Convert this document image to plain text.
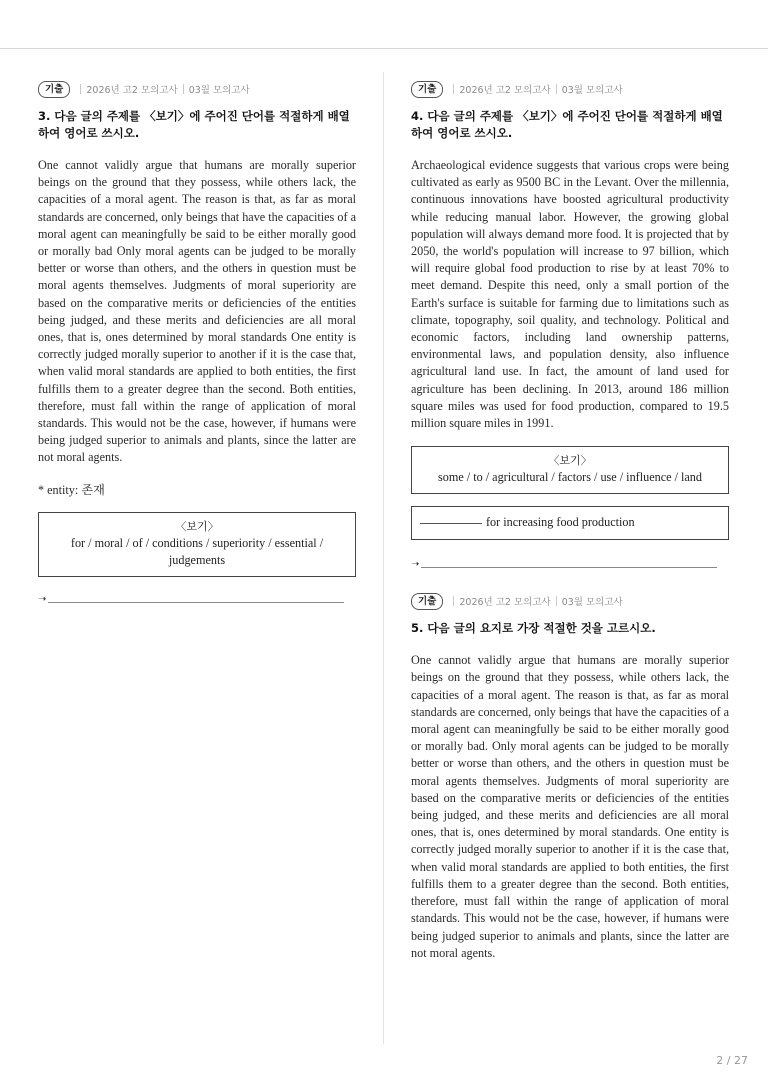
기출	2026년 고2 모의고사 03월 모의고사
3. 다음 글의 주제를 〈보기〉에 주어진 단어를 적절하게 배열하여 영어로 쓰시오.

One cannot validly argue that humans are morally superior beings on the ground that they possess, while others lack, the capacities of a moral agent. The reason is that, as far as moral standards are concerned, only beings that have the capacities of a moral agent can meaningfully be said to be either morally good or morally bad Only moral agents can be judged to be morally better or worse than others, and the others in question must be moral agents themselves. Judgments of moral superiority are based on the comparative merits or deficiencies of the entities being judged, and these merits and deficiencies are all moral ones, that is, ones determined by moral standards One entity is correctly judged morally superior to another if it is the case that, when valid moral standards are applied to both entities, the first fulfills them to a greater degree than the second. Both entities, therefore, must fall within the range of application of moral standards. This would not be the case, however, if humans were being judged superior to animals and plants, since the latter are not moral agents.

* entity: 존재
〈보기〉
for / moral / of / conditions / superiority / essential /
judgements
➝
기출	2026년 고2 모의고사 03월 모의고사
4. 다음 글의 주제를 〈보기〉에 주어진 단어를 적절하게 배열하여 영어로 쓰시오.

Archaeological evidence suggests that various crops were being cultivated as early as 9500 BC in the Levant. Over the millennia, continuous innovations have boosted agricultural productivity while reducing manual labor. However, the growing global population will always demand more food. It is projected that by 2050, the world's population will increase to 97 billion, which will require global food production to rise by at least 70% to meet demand. Despite this need, only a small portion of the Earth's surface is suitable for farming due to limitations such as climate, topography, soil quality, and technology. Political and economic factors, including land ownership patterns, environmental laws, and population density, also influence agricultural land use. In fact, the amount of land used for agriculture has been declining. In 2013, around 186 million square miles was used for food production, compared to 19.5 million square miles in 1991.

〈보기〉
some / to / agricultural / factors / use / influence / land
for increasing food production
➝
기출	2026년 고2 모의고사 03월 모의고사
5. 다음 글의 요지로 가장 적절한 것을 고르시오.

One cannot validly argue that humans are morally superior beings on the ground that they possess, while others lack, the capacities of a moral agent. The reason is that, as far as moral standards are concerned, only beings that have the capacities of a moral agent can meaningfully be said to be either morally good or morally bad. Only moral agents can be judged to be morally better or worse than others, and the others in question must be moral agents themselves. Judgments of moral superiority are based on the comparative merits or deficiencies of the entities being judged, and these merits and deficiencies are all moral ones, that is, ones determined by moral standards. One entity is correctly judged morally superior to another if it is the case that, when valid moral standards are applied to both entities, the first fulfills them to a greater degree than the second. Both entities, therefore, must fall within the range of application of moral standards. This would not be the case, however, if humans were being judged superior to animals and plants, since the latter are not moral agents.

2 / 27
